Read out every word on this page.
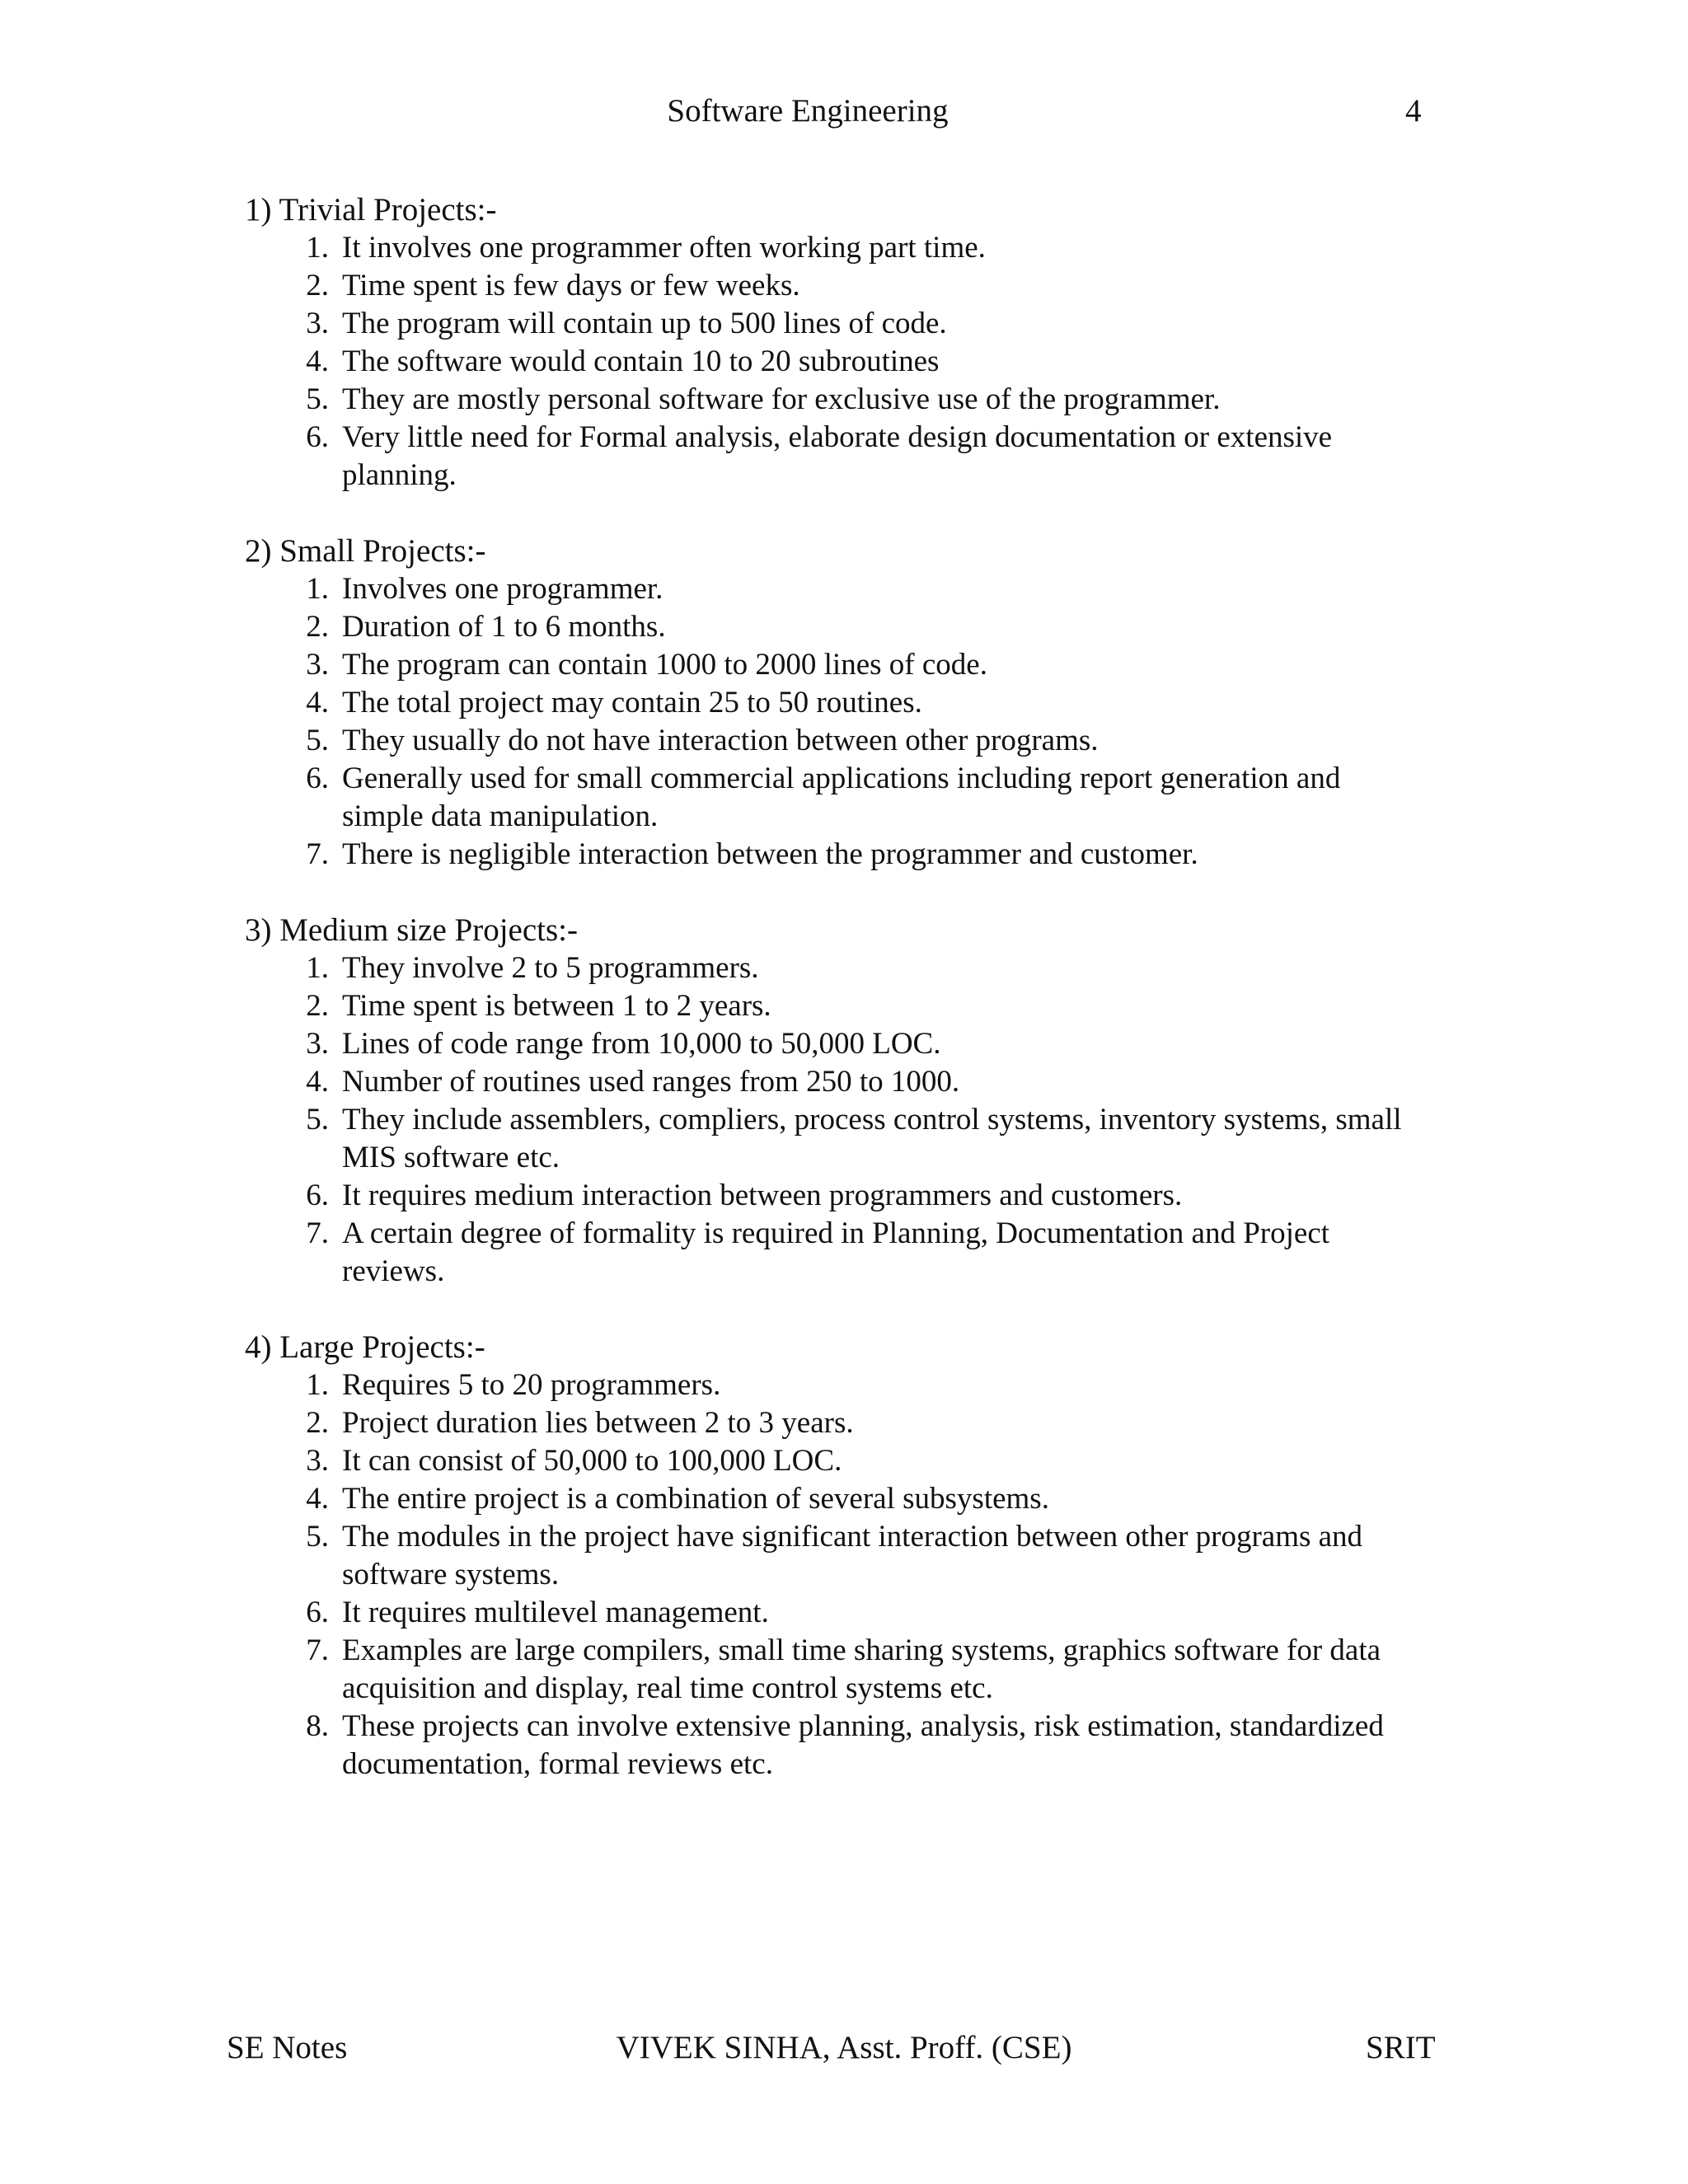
Software Engineering	4
1) Trivial Projects:-
1. It involves one programmer often working part time.
2. Time spent is few days or few weeks.
3. The program will contain up to 500 lines of code.
4. The software would contain 10 to 20 subroutines
5. They are mostly personal software for exclusive use of the programmer.
6. Very little need for Formal analysis, elaborate design documentation or extensive planning.
2) Small Projects:-
1. Involves one programmer.
2. Duration of 1 to 6 months.
3. The program can contain 1000 to 2000 lines of code.
4. The total project may contain 25 to 50 routines.
5. They usually do not have interaction between other programs.
6. Generally used for small commercial applications including report generation and simple data manipulation.
7. There is negligible interaction between the programmer and customer.
3) Medium size Projects:-
1. They involve 2 to 5 programmers.
2. Time spent is between 1 to 2 years.
3. Lines of code range from 10,000 to 50,000 LOC.
4. Number of routines used ranges from 250 to 1000.
5. They include assemblers, compliers, process control systems, inventory systems, small MIS software etc.
6. It requires medium interaction between programmers and customers.
7. A certain degree of formality is required in Planning, Documentation and Project reviews.
4) Large Projects:-
1. Requires 5 to 20 programmers.
2. Project duration lies between 2 to 3 years.
3. It can consist of 50,000 to 100,000 LOC.
4. The entire project is a combination of several subsystems.
5. The modules in the project have significant interaction between other programs and software systems.
6. It requires multilevel management.
7. Examples are large compilers, small time sharing systems, graphics software for data acquisition and display, real time control systems etc.
8. These projects can involve extensive planning, analysis, risk estimation, standardized documentation, formal reviews etc.
SE Notes	VIVEK SINHA, Asst. Proff. (CSE)	SRIT
